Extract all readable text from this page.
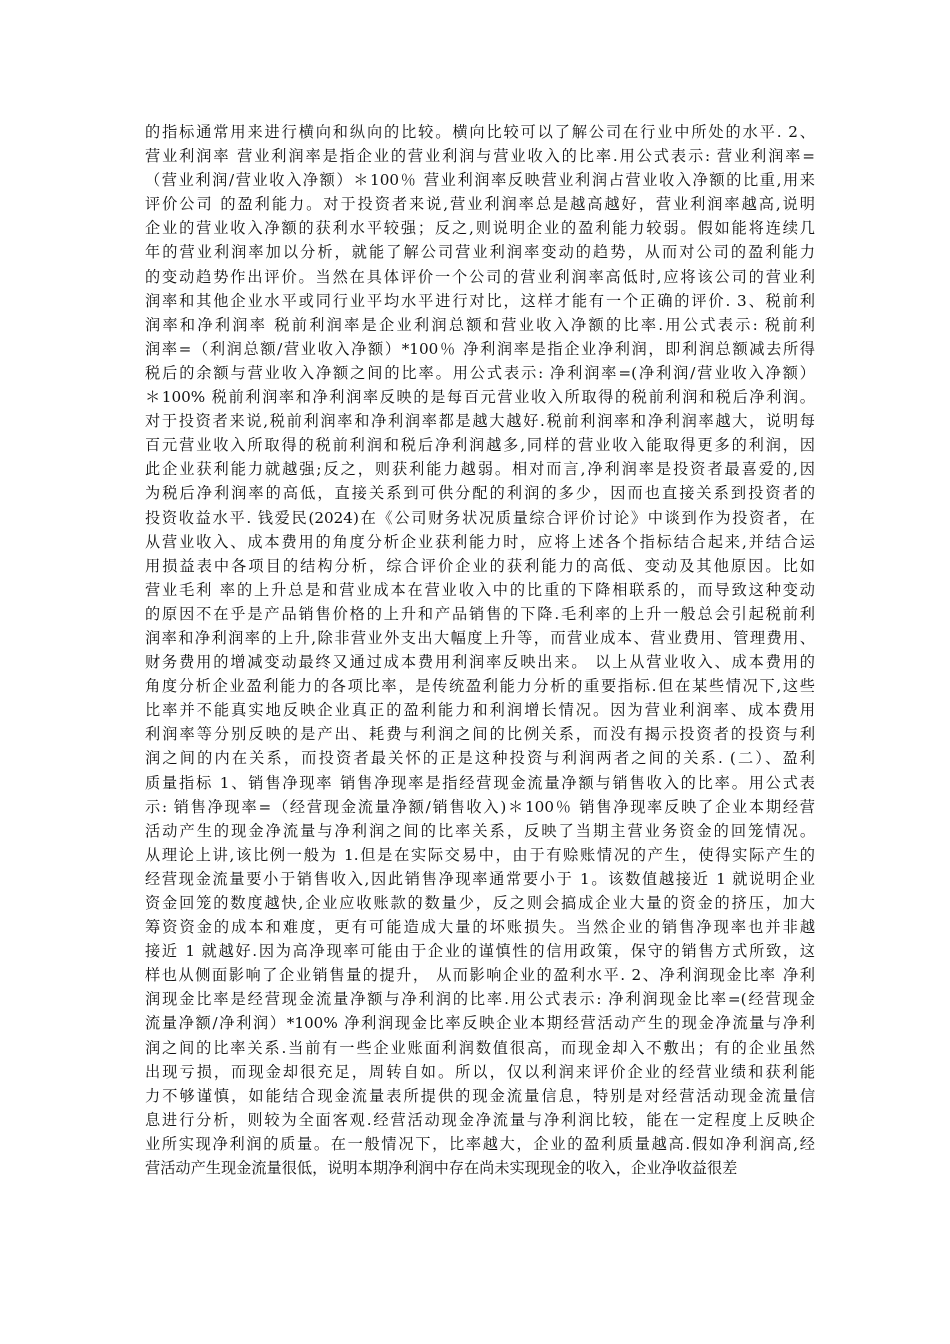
的指标通常用来进行横向和纵向的比较。横向比较可以了解公司在行业中所处的水平. 2、
营业利润率 营业利润率是指企业的营业利润与营业收入的比率.用公式表示: 营业利润率=
（营业利润/营业收入净额）＊100％ 营业利润率反映营业利润占营业收入净额的比重,用来
评价公司 的盈利能力。对于投资者来说,营业利润率总是越高越好，营业利润率越高,说明
企业的营业收入净额的获利水平较强；反之,则说明企业的盈利能力较弱。假如能将连续几
年的营业利润率加以分析，就能了解公司营业利润率变动的趋势，从而对公司的盈利能力
的变动趋势作出评价。当然在具体评价一个公司的营业利润率高低时,应将该公司的营业利
润率和其他企业水平或同行业平均水平进行对比，这样才能有一个正确的评价. 3、税前利
润率和净利润率 税前利润率是企业利润总额和营业收入净额的比率.用公式表示: 税前利
润率=（利润总额/营业收入净额）*100％ 净利润率是指企业净利润，即利润总额减去所得
税后的余额与营业收入净额之间的比率。用公式表示: 净利润率=(净利润/营业收入净额）
＊100% 税前利润率和净利润率反映的是每百元营业收入所取得的税前利润和税后净利润。
对于投资者来说,税前利润率和净利润率都是越大越好.税前利润率和净利润率越大，说明每
百元营业收入所取得的税前利润和税后净利润越多,同样的营业收入能取得更多的利润，因
此企业获利能力就越强;反之，则获利能力越弱。相对而言,净利润率是投资者最喜爱的,因
为税后净利润率的高低，直接关系到可供分配的利润的多少，因而也直接关系到投资者的
投资收益水平. 钱爱民(2024)在《公司财务状况质量综合评价讨论》中谈到作为投资者，在
从营业收入、成本费用的角度分析企业获利能力时，应将上述各个指标结合起来,并结合运
用损益表中各项目的结构分析，综合评价企业的获利能力的高低、变动及其他原因。比如
营业毛利 率的上升总是和营业成本在营业收入中的比重的下降相联系的，而导致这种变动
的原因不在乎是产品销售价格的上升和产品销售的下降.毛利率的上升一般总会引起税前利
润率和净利润率的上升,除非营业外支出大幅度上升等，而营业成本、营业费用、管理费用、
财务费用的增减变动最终又通过成本费用利润率反映出来。 以上从营业收入、成本费用的
角度分析企业盈利能力的各项比率，是传统盈利能力分析的重要指标.但在某些情况下,这些
比率并不能真实地反映企业真正的盈利能力和利润增长情况。因为营业利润率、成本费用
利润率等分别反映的是产出、耗费与利润之间的比例关系，而没有揭示投资者的投资与利
润之间的内在关系，而投资者最关怀的正是这种投资与利润两者之间的关系. (二）、盈利
质量指标 1、销售净现率 销售净现率是指经营现金流量净额与销售收入的比率。用公式表
示: 销售净现率=（经营现金流量净额/销售收入)＊100％ 销售净现率反映了企业本期经营
活动产生的现金净流量与净利润之间的比率关系，反映了当期主营业务资金的回笼情况。
从理论上讲,该比例一般为 1.但是在实际交易中，由于有赊账情况的产生，使得实际产生的
经营现金流量要小于销售收入,因此销售净现率通常要小于 1。该数值越接近 1 就说明企业
资金回笼的数度越快,企业应收账款的数量少，反之则会搞成企业大量的资金的挤压，加大
筹资资金的成本和难度，更有可能造成大量的坏账损失。当然企业的销售净现率也并非越
接近 1 就越好.因为高净现率可能由于企业的谨慎性的信用政策，保守的销售方式所致，这
样也从侧面影响了企业销售量的提升， 从而影响企业的盈利水平. 2、净利润现金比率 净利
润现金比率是经营现金流量净额与净利润的比率.用公式表示: 净利润现金比率=(经营现金
流量净额/净利润）*100% 净利润现金比率反映企业本期经营活动产生的现金净流量与净利
润之间的比率关系.当前有一些企业账面利润数值很高，而现金却入不敷出；有的企业虽然
出现亏损，而现金却很充足，周转自如。所以，仅以利润来评价企业的经营业绩和获利能
力不够谨慎，如能结合现金流量表所提供的现金流量信息，特别是对经营活动现金流量信
息进行分析，则较为全面客观.经营活动现金净流量与净利润比较，能在一定程度上反映企
业所实现净利润的质量。在一般情况下，比率越大，企业的盈利质量越高.假如净利润高,经
营活动产生现金流量很低，说明本期净利润中存在尚未实现现金的收入，企业净收益很差
